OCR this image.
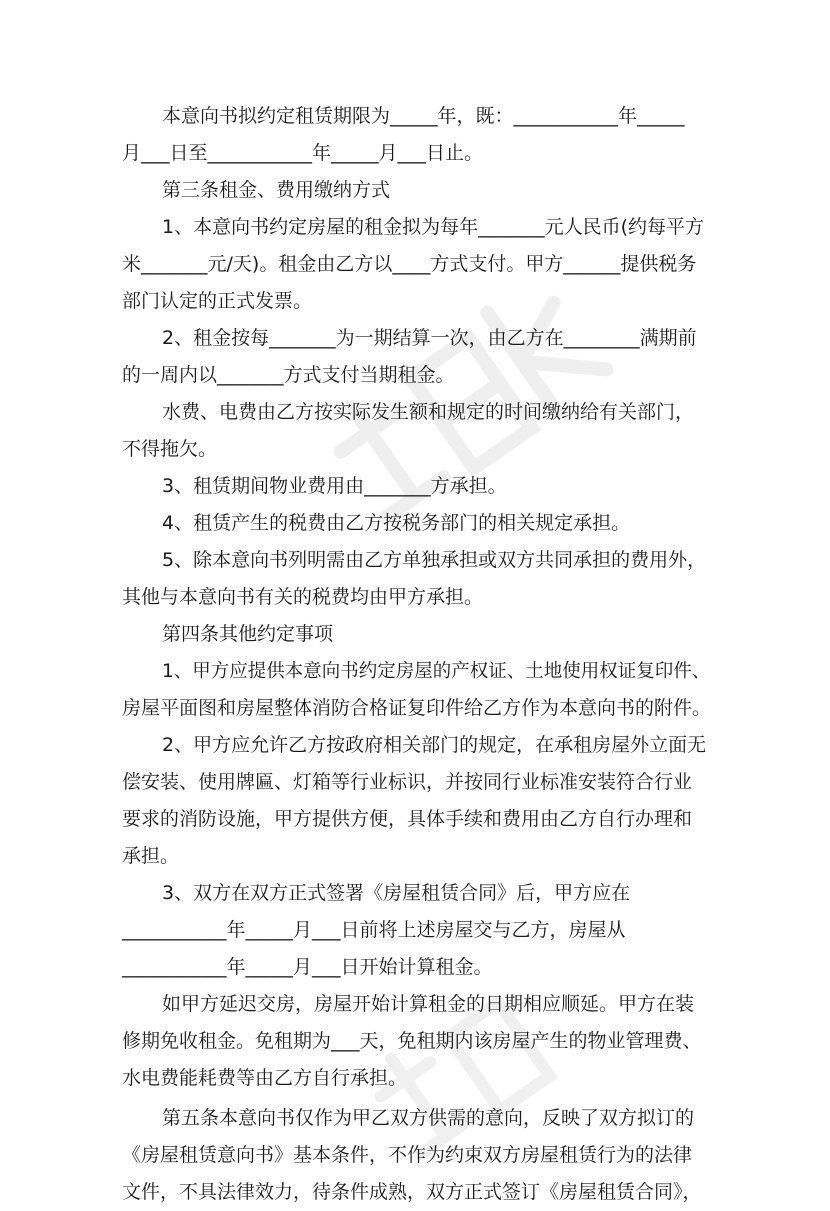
本意向书拟约定租赁期限为_____年，既：___________年_____
月___日至___________年_____月___日止。
第三条租金、费用缴纳方式
1、本意向书约定房屋的租金拟为每年_______元人民币(约每平方
米_______元/天)。租金由乙方以____方式支付。甲方______提供税务
部门认定的正式发票。
2、租金按每_______为一期结算一次，由乙方在________满期前
的一周内以_______方式支付当期租金。
水费、电费由乙方按实际发生额和规定的时间缴纳给有关部门，
不得拖欠。
3、租赁期间物业费用由_______方承担。
4、租赁产生的税费由乙方按税务部门的相关规定承担。
5、除本意向书列明需由乙方单独承担或双方共同承担的费用外，
其他与本意向书有关的税费均由甲方承担。
第四条其他约定事项
1、甲方应提供本意向书约定房屋的产权证、土地使用权证复印件、
房屋平面图和房屋整体消防合格证复印件给乙方作为本意向书的附件。
2、甲方应允许乙方按政府相关部门的规定，在承租房屋外立面无
偿安装、使用牌匾、灯箱等行业标识，并按同行业标准安装符合行业
要求的消防设施，甲方提供方便，具体手续和费用由乙方自行办理和
承担。
3、双方在双方正式签署《房屋租赁合同》后，甲方应在
___________年_____月___日前将上述房屋交与乙方，房屋从
___________年_____月___日开始计算租金。
如甲方延迟交房，房屋开始计算租金的日期相应顺延。甲方在装
修期免收租金。免租期为___天，免租期内该房屋产生的物业管理费、
水电费能耗费等由乙方自行承担。
第五条本意向书仅作为甲乙双方供需的意向，反映了双方拟订的
《房屋租赁意向书》基本条件，不作为约束双方房屋租赁行为的法律
文件，不具法律效力，待条件成熟，双方正式签订《房屋租赁合同》，
